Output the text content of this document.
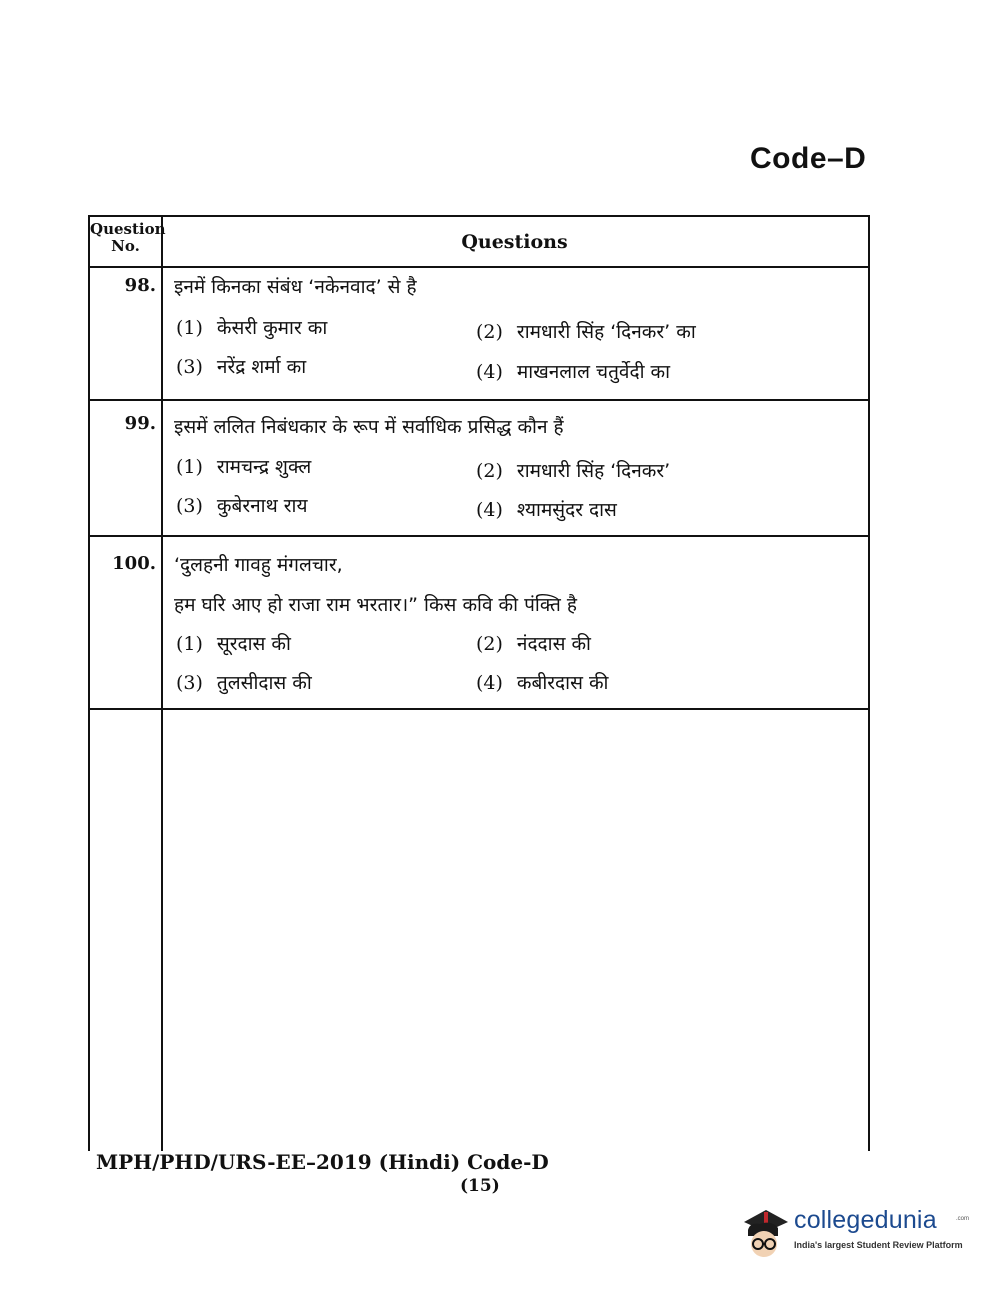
Code–D
Question
No.	Questions
98. इनमें किनका संबंध ‘नकेनवाद’ से है
(1) केसरी कुमार का	(2) रामधारी सिंह ‘दिनकर’ का
(3) नरेंद्र शर्मा का	(4) माखनलाल चतुर्वेदी का
99. इसमें ललित निबंधकार के रूप में सर्वाधिक प्रसिद्ध कौन हैं
(1) रामचन्द्र शुक्ल	(2) रामधारी सिंह ‘दिनकर’
(3) कुबेरनाथ राय	(4) श्यामसुंदर दास
100. ‘दुलहनी गावहु मंगलचार,
हम घरि आए हो राजा राम भरतार।” किस कवि की पंक्ति है
(1) सूरदास की	(2) नंददास की
(3) तुलसीदास की	(4) कबीरदास की
MPH/PHD/URS-EE–2019 (Hindi) Code-D
(15)
collegedunia	.com
India's largest Student Review Platform
